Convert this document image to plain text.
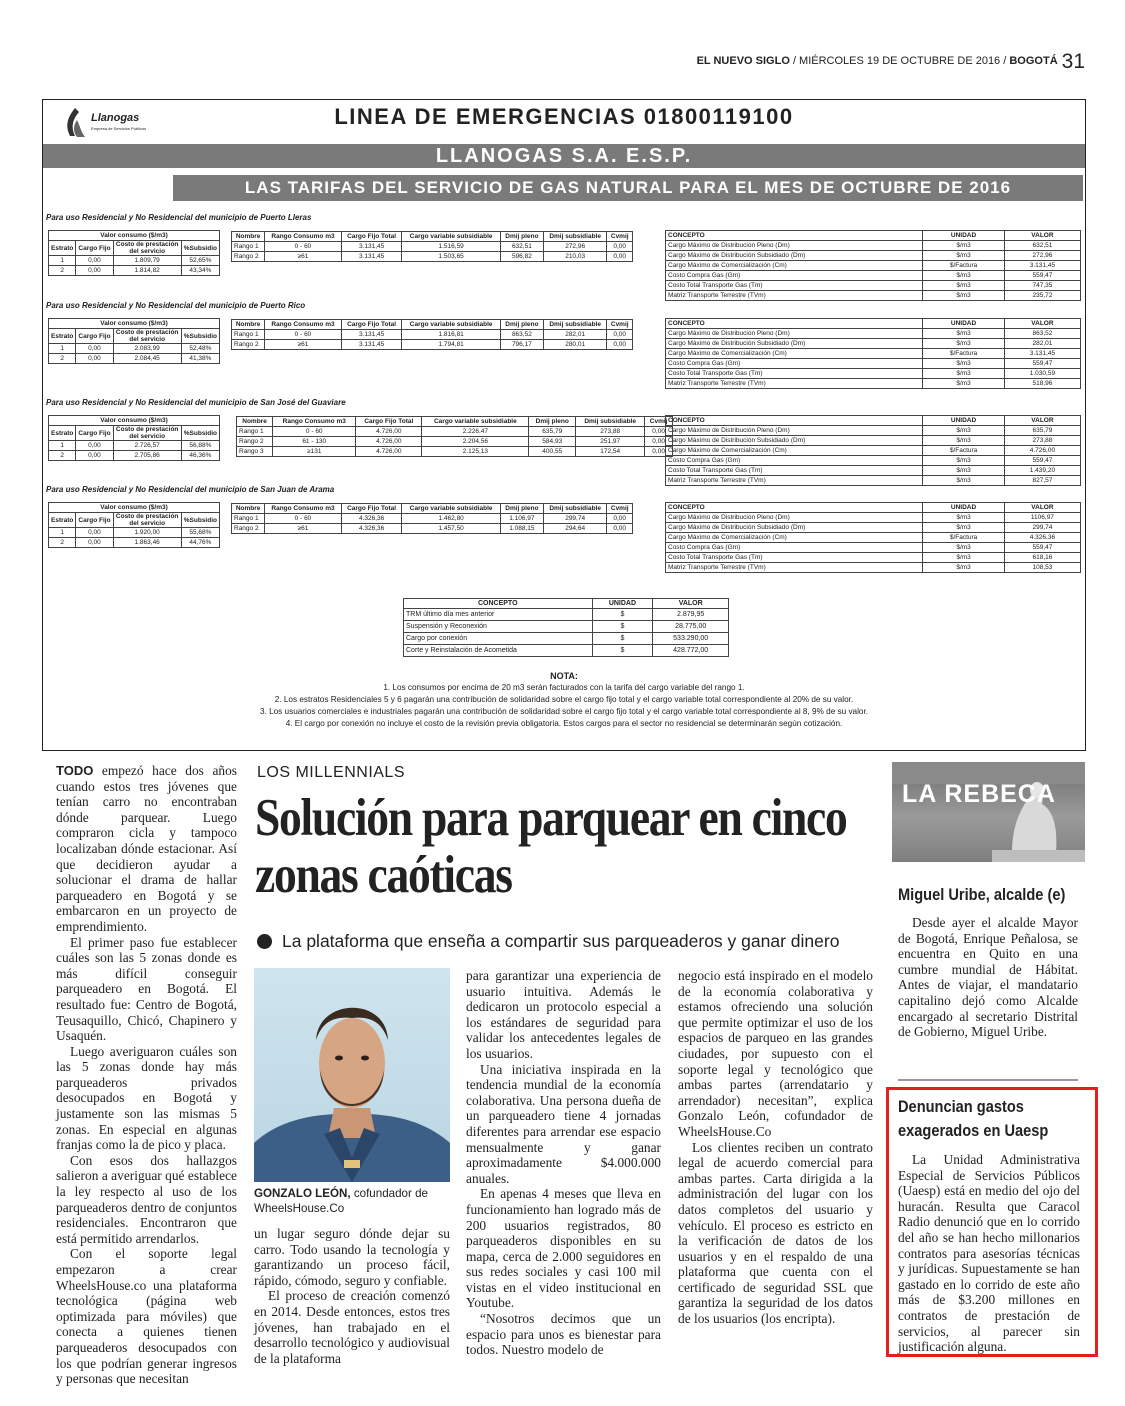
EL NUEVO SIGLO / MIÉRCOLES 19 DE OCTUBRE DE 2016 / BOGOTÁ 31
LINEA DE EMERGENCIAS 01800119100
Llanogas
Empresa de Servicios Públicos
LLANOGAS S.A. E.S.P.
LAS TARIFAS DEL SERVICIO DE GAS NATURAL PARA EL MES DE OCTUBRE DE 2016
Para uso Residencial y No Residencial del municipio de Puerto Lleras
Valor consumo ($/m3)			
Estrato	Cargo Fijo	Costo de prestación del servicio	%Subsidio
1	0,00	1.809,79	52,65%
2	0,00	1.814,82	43,34%
Nombre	Rango Consumo m3	Cargo Fijo Total	Cargo variable subsidiable	Dmij pleno	Dmij subsidiable	Cvmij
Rango 1	0 - 60	3.131,45	1.516,59	632,51	272,96	0,00
Rango 2	≥61	3.131,45	1.503,65	596,82	210,03	0,00
CONCEPTO	UNIDAD	VALOR
Cargo Máximo de Distribución Pleno (Dm)	$/m3	632,51
Cargo Máximo de Distribución Subsidiado (Dm)	$/m3	272,96
Cargo Máximo de Comercialización (Cm)	$/Factura	3.131,45
Costo Compra Gas (Gm)	$/m3	559,47
Costo Total Transporte Gas (Tm)	$/m3	747,35
Matriz Transporte Terrestre (TVm)	$/m3	235,72
Para uso Residencial y No Residencial del municipio de Puerto Rico
Valor consumo ($/m3)			
Estrato	Cargo Fijo	Costo de prestación del servicio	%Subsidio
1	0,00	2.083,99	52,48%
2	0,00	2.084,45	41,38%
Nombre	Rango Consumo m3	Cargo Fijo Total	Cargo variable subsidiable	Dmij pleno	Dmij subsidiable	Cvmij
Rango 1	0 - 60	3.131,45	1.816,81	863,52	282,01	0,00
Rango 2	≥61	3.131,45	1.794,81	796,17	280,01	0,00
CONCEPTO	UNIDAD	VALOR
Cargo Máximo de Distribución Pleno (Dm)	$/m3	863,52
Cargo Máximo de Distribución Subsidiado (Dm)	$/m3	282,01
Cargo Máximo de Comercialización (Cm)	$/Factura	3.131,45
Costo Compra Gas (Gm)	$/m3	559,47
Costo Total Transporte Gas (Tm)	$/m3	1.030,59
Matriz Transporte Terrestre (TVm)	$/m3	518,96
Para uso Residencial y No Residencial del municipio de San José del Guaviare
Valor consumo ($/m3)			
Estrato	Cargo Fijo	Costo de prestación del servicio	%Subsidio
1	0,00	2.726,57	56,88%
2	0,00	2.705,86	46,36%
Nombre	Rango Consumo m3	Cargo Fijo Total	Cargo variable subsidiable	Dmij pleno	Dmij subsidiable	Cvmij
Rango 1	0 - 60	4.726,00	2.226,47	635,79	273,88	0,00
Rango 2	61 - 130	4.726,00	2.204,56	584,93	251,97	0,00
Rango 3	≥131	4.726,00	2.125,13	400,55	172,54	0,00
CONCEPTO	UNIDAD	VALOR
Cargo Máximo de Distribución Pleno (Dm)	$/m3	635,79
Cargo Máximo de Distribución Subsidiado (Dm)	$/m3	273,88
Cargo Máximo de Comercialización (Cm)	$/Factura	4.726,00
Costo Compra Gas (Gm)	$/m3	559,47
Costo Total Transporte Gas (Tm)	$/m3	1.439,20
Matriz Transporte Terrestre (TVm)	$/m3	827,57
Para uso Residencial y No Residencial del municipio de San Juan de Arama
Valor consumo ($/m3)			
Estrato	Cargo Fijo	Costo de prestación del servicio	%Subsidio
1	0,00	1.920,00	55,68%
2	0,00	1.863,46	44,76%
Nombre	Rango Consumo m3	Cargo Fijo Total	Cargo variable subsidiable	Dmij pleno	Dmij subsidiable	Cvmij
Rango 1	0 - 60	4.326,36	1.462,80	1.106,97	299,74	0,00
Rango 2	≥61	4.326,36	1.457,50	1.088,15	294,64	0,00
CONCEPTO	UNIDAD	VALOR
Cargo Máximo de Distribución Pleno (Dm)	$/m3	1106,97
Cargo Máximo de Distribución Subsidiado (Dm)	$/m3	299,74
Cargo Máximo de Comercialización (Cm)	$/Factura	4.326,36
Costo Compra Gas (Gm)	$/m3	559,47
Costo Total Transporte Gas (Tm)	$/m3	618,16
Matriz Transporte Terrestre (TVm)	$/m3	108,53
CONCEPTO	UNIDAD	VALOR
TRM último día mes anterior	$	2.879,95
Suspensión y Reconexión	$	28.775,00
Cargo por conexión	$	533.290,00
Corte y Reinstalación de Acometida	$	428.772,00
NOTA:
1. Los consumos por encima de 20 m3 serán facturados con la tarifa del cargo variable del rango 1.
2. Los estratos Residenciales 5 y 6 pagarán una contribución de solidaridad sobre el cargo fijo total y el cargo variable total correspondiente al 20% de su valor.
3. Los usuarios comerciales e industriales pagarán una contribución de solidaridad sobre el cargo fijo total y el cargo variable total correspondiente al 8, 9% de su valor.
4. El cargo por conexión no incluye el costo de la revisión previa obligatoria. Estos cargos para el sector no residencial se determinarán según cotización.

TODO empezó hace dos años cuando estos tres jóvenes que tenían carro no encontraban dónde parquear. Luego compraron cicla y tampoco localizaban dónde estacionar. Así que decidieron ayudar a solucionar el drama de hallar parqueadero en Bogotá y se embarcaron en un proyecto de emprendimiento.

El primer paso fue establecer cuáles son las 5 zonas donde es más difícil conseguir parqueadero en Bogotá. El resultado fue: Centro de Bogotá, Teusaquillo, Chicó, Chapinero y Usaquén.

Luego averiguaron cuáles son las 5 zonas donde hay más parqueaderos privados desocupados en Bogotá y justamente son las mismas 5 zonas. En especial en algunas franjas como la de pico y placa.

Con esos dos hallazgos salieron a averiguar qué establece la ley respecto al uso de los parqueaderos dentro de conjuntos residenciales. Encontraron que está permitido arrendarlos.

Con el soporte legal empezaron a crear WheelsHouse.co una plataforma tecnológica (página web optimizada para móviles) que conecta a quienes tienen parqueaderos desocupados con los que podrían generar ingresos y personas que necesitan

LOS MILLENNIALS
Solución para parquear en cinco zonas caóticas
La plataforma que enseña a compartir sus parqueaderos y ganar dinero
GONZALO LEÓN, cofundador de WheelsHouse.Co

un lugar seguro dónde dejar su carro. Todo usando la tecnología y garantizando un proceso fácil, rápido, cómodo, seguro y confiable.

El proceso de creación comenzó en 2014. Desde entonces, estos tres jóvenes, han trabajado en el desarrollo tecnológico y audiovisual de la plataforma

para garantizar una experiencia de usuario intuitiva. Además le dedicaron un protocolo especial a los estándares de seguridad para validar los antecedentes legales de los usuarios.

Una iniciativa inspirada en la tendencia mundial de la economía colaborativa. Una persona dueña de un parqueadero tiene 4 jornadas diferentes para arrendar ese espacio mensualmente y ganar aproximadamente $4.000.000 anuales.

En apenas 4 meses que lleva en funcionamiento han logrado más de 200 usuarios registrados, 80 parqueaderos disponibles en su mapa, cerca de 2.000 seguidores en sus redes sociales y casi 100 mil vistas en el video institucional en Youtube.

“Nosotros decimos que un espacio para unos es bienestar para todos. Nuestro modelo de

negocio está inspirado en el modelo de la economía colaborativa y estamos ofreciendo una solución que permite optimizar el uso de los espacios de parqueo en las grandes ciudades, por supuesto con el soporte legal y tecnológico que ambas partes (arrendatario y arrendador) necesitan”, explica Gonzalo León, cofundador de WheelsHouse.Co

Los clientes reciben un contrato legal de acuerdo comercial para ambas partes. Carta dirigida a la administración del lugar con los datos completos del usuario y vehículo. El proceso es estricto en la verificación de datos de los usuarios y en el respaldo de una plataforma que cuenta con el certificado de seguridad SSL que garantiza la seguridad de los datos de los usuarios (los encripta).

LA REBECA
Miguel Uribe, alcalde (e)

Desde ayer el alcalde Mayor de Bogotá, Enrique Peñalosa, se encuentra en Quito en una cumbre mundial de Hábitat. Antes de viajar, el mandatario capitalino dejó como Alcalde encargado al secretario Distrital de Gobierno, Miguel Uribe.

Denuncian gastos
exagerados en Uaesp

La Unidad Administrativa Especial de Servicios Públicos (Uaesp) está en medio del ojo del huracán. Resulta que Caracol Radio denunció que en lo corrido del año se han hecho millonarios contratos para asesorías técnicas y jurídicas. Supuestamente se han gastado en lo corrido de este año más de $3.200 millones en contratos de prestación de servicios, al parecer sin justificación alguna.
